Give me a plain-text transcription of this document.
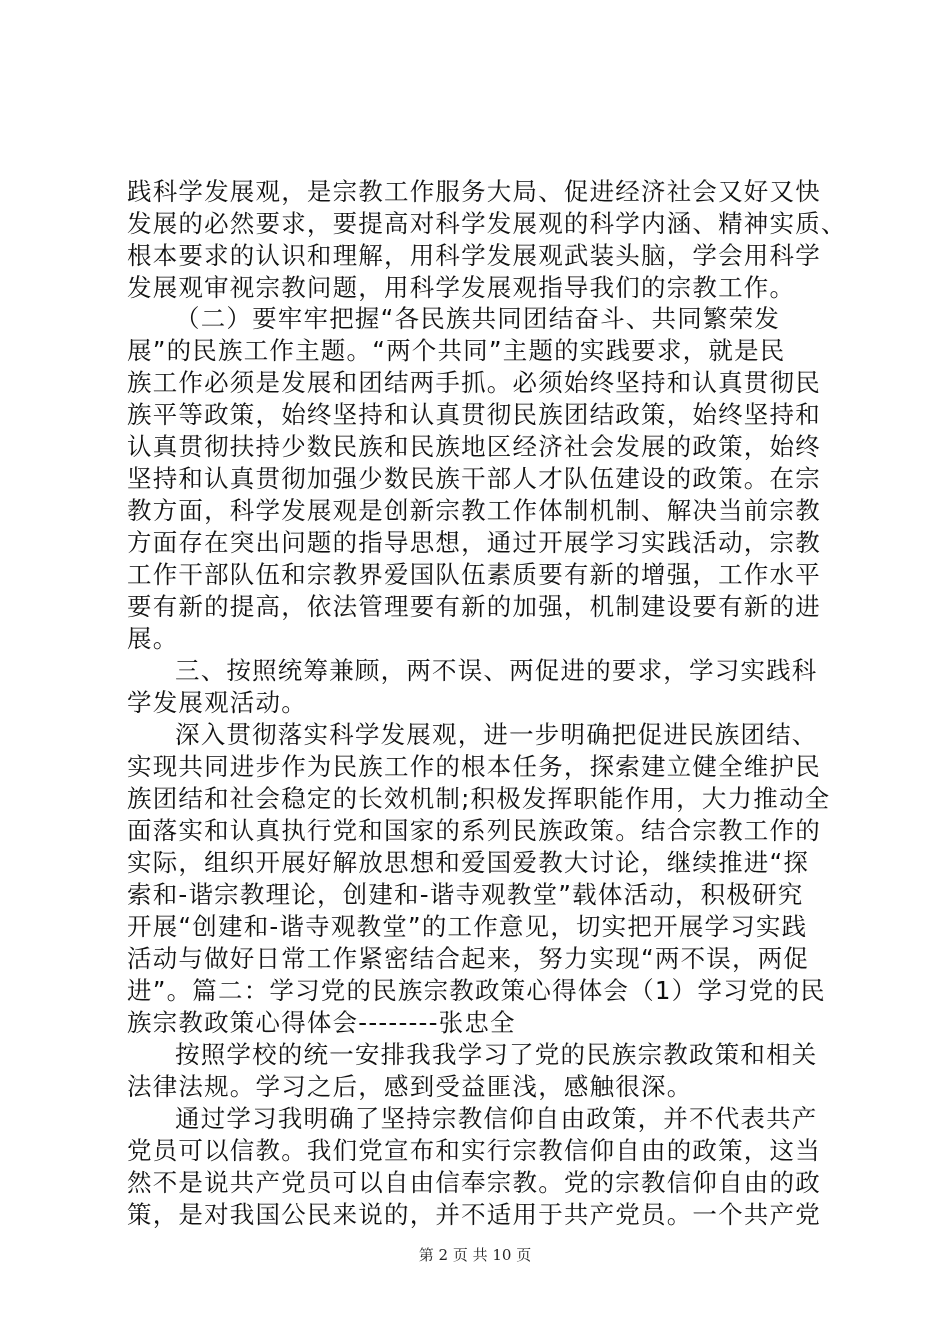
践科学发展观，是宗教工作服务大局、促进经济社会又好又快
发展的必然要求，要提高对科学发展观的科学内涵、精神实质、
根本要求的认识和理解，用科学发展观武装头脑，学会用科学
发展观审视宗教问题，用科学发展观指导我们的宗教工作。
（二）要牢牢把握“各民族共同团结奋斗、共同繁荣发
展”的民族工作主题。“两个共同”主题的实践要求，就是民
族工作必须是发展和团结两手抓。必须始终坚持和认真贯彻民
族平等政策，始终坚持和认真贯彻民族团结政策，始终坚持和
认真贯彻扶持少数民族和民族地区经济社会发展的政策，始终
坚持和认真贯彻加强少数民族干部人才队伍建设的政策。在宗
教方面，科学发展观是创新宗教工作体制机制、解决当前宗教
方面存在突出问题的指导思想，通过开展学习实践活动，宗教
工作干部队伍和宗教界爱国队伍素质要有新的增强，工作水平
要有新的提高，依法管理要有新的加强，机制建设要有新的进
展。
三、按照统筹兼顾，两不误、两促进的要求，学习实践科
学发展观活动。
深入贯彻落实科学发展观，进一步明确把促进民族团结、
实现共同进步作为民族工作的根本任务，探索建立健全维护民
族团结和社会稳定的长效机制;积极发挥职能作用，大力推动全
面落实和认真执行党和国家的系列民族政策。结合宗教工作的
实际，组织开展好解放思想和爱国爱教大讨论，继续推进“探
索和-谐宗教理论，创建和-谐寺观教堂”载体活动，积极研究
开展“创建和-谐寺观教堂”的工作意见，切实把开展学习实践
活动与做好日常工作紧密结合起来，努力实现“两不误，两促
进”。篇二：学习党的民族宗教政策心得体会（1）学习党的民
族宗教政策心得体会--------张忠全
按照学校的统一安排我我学习了党的民族宗教政策和相关
法律法规。学习之后，感到受益匪浅，感触很深。
通过学习我明确了坚持宗教信仰自由政策，并不代表共产
党员可以信教。我们党宣布和实行宗教信仰自由的政策，这当
然不是说共产党员可以自由信奉宗教。党的宗教信仰自由的政
策，是对我国公民来说的，并不适用于共产党员。一个共产党
第 2 页 共 10 页
